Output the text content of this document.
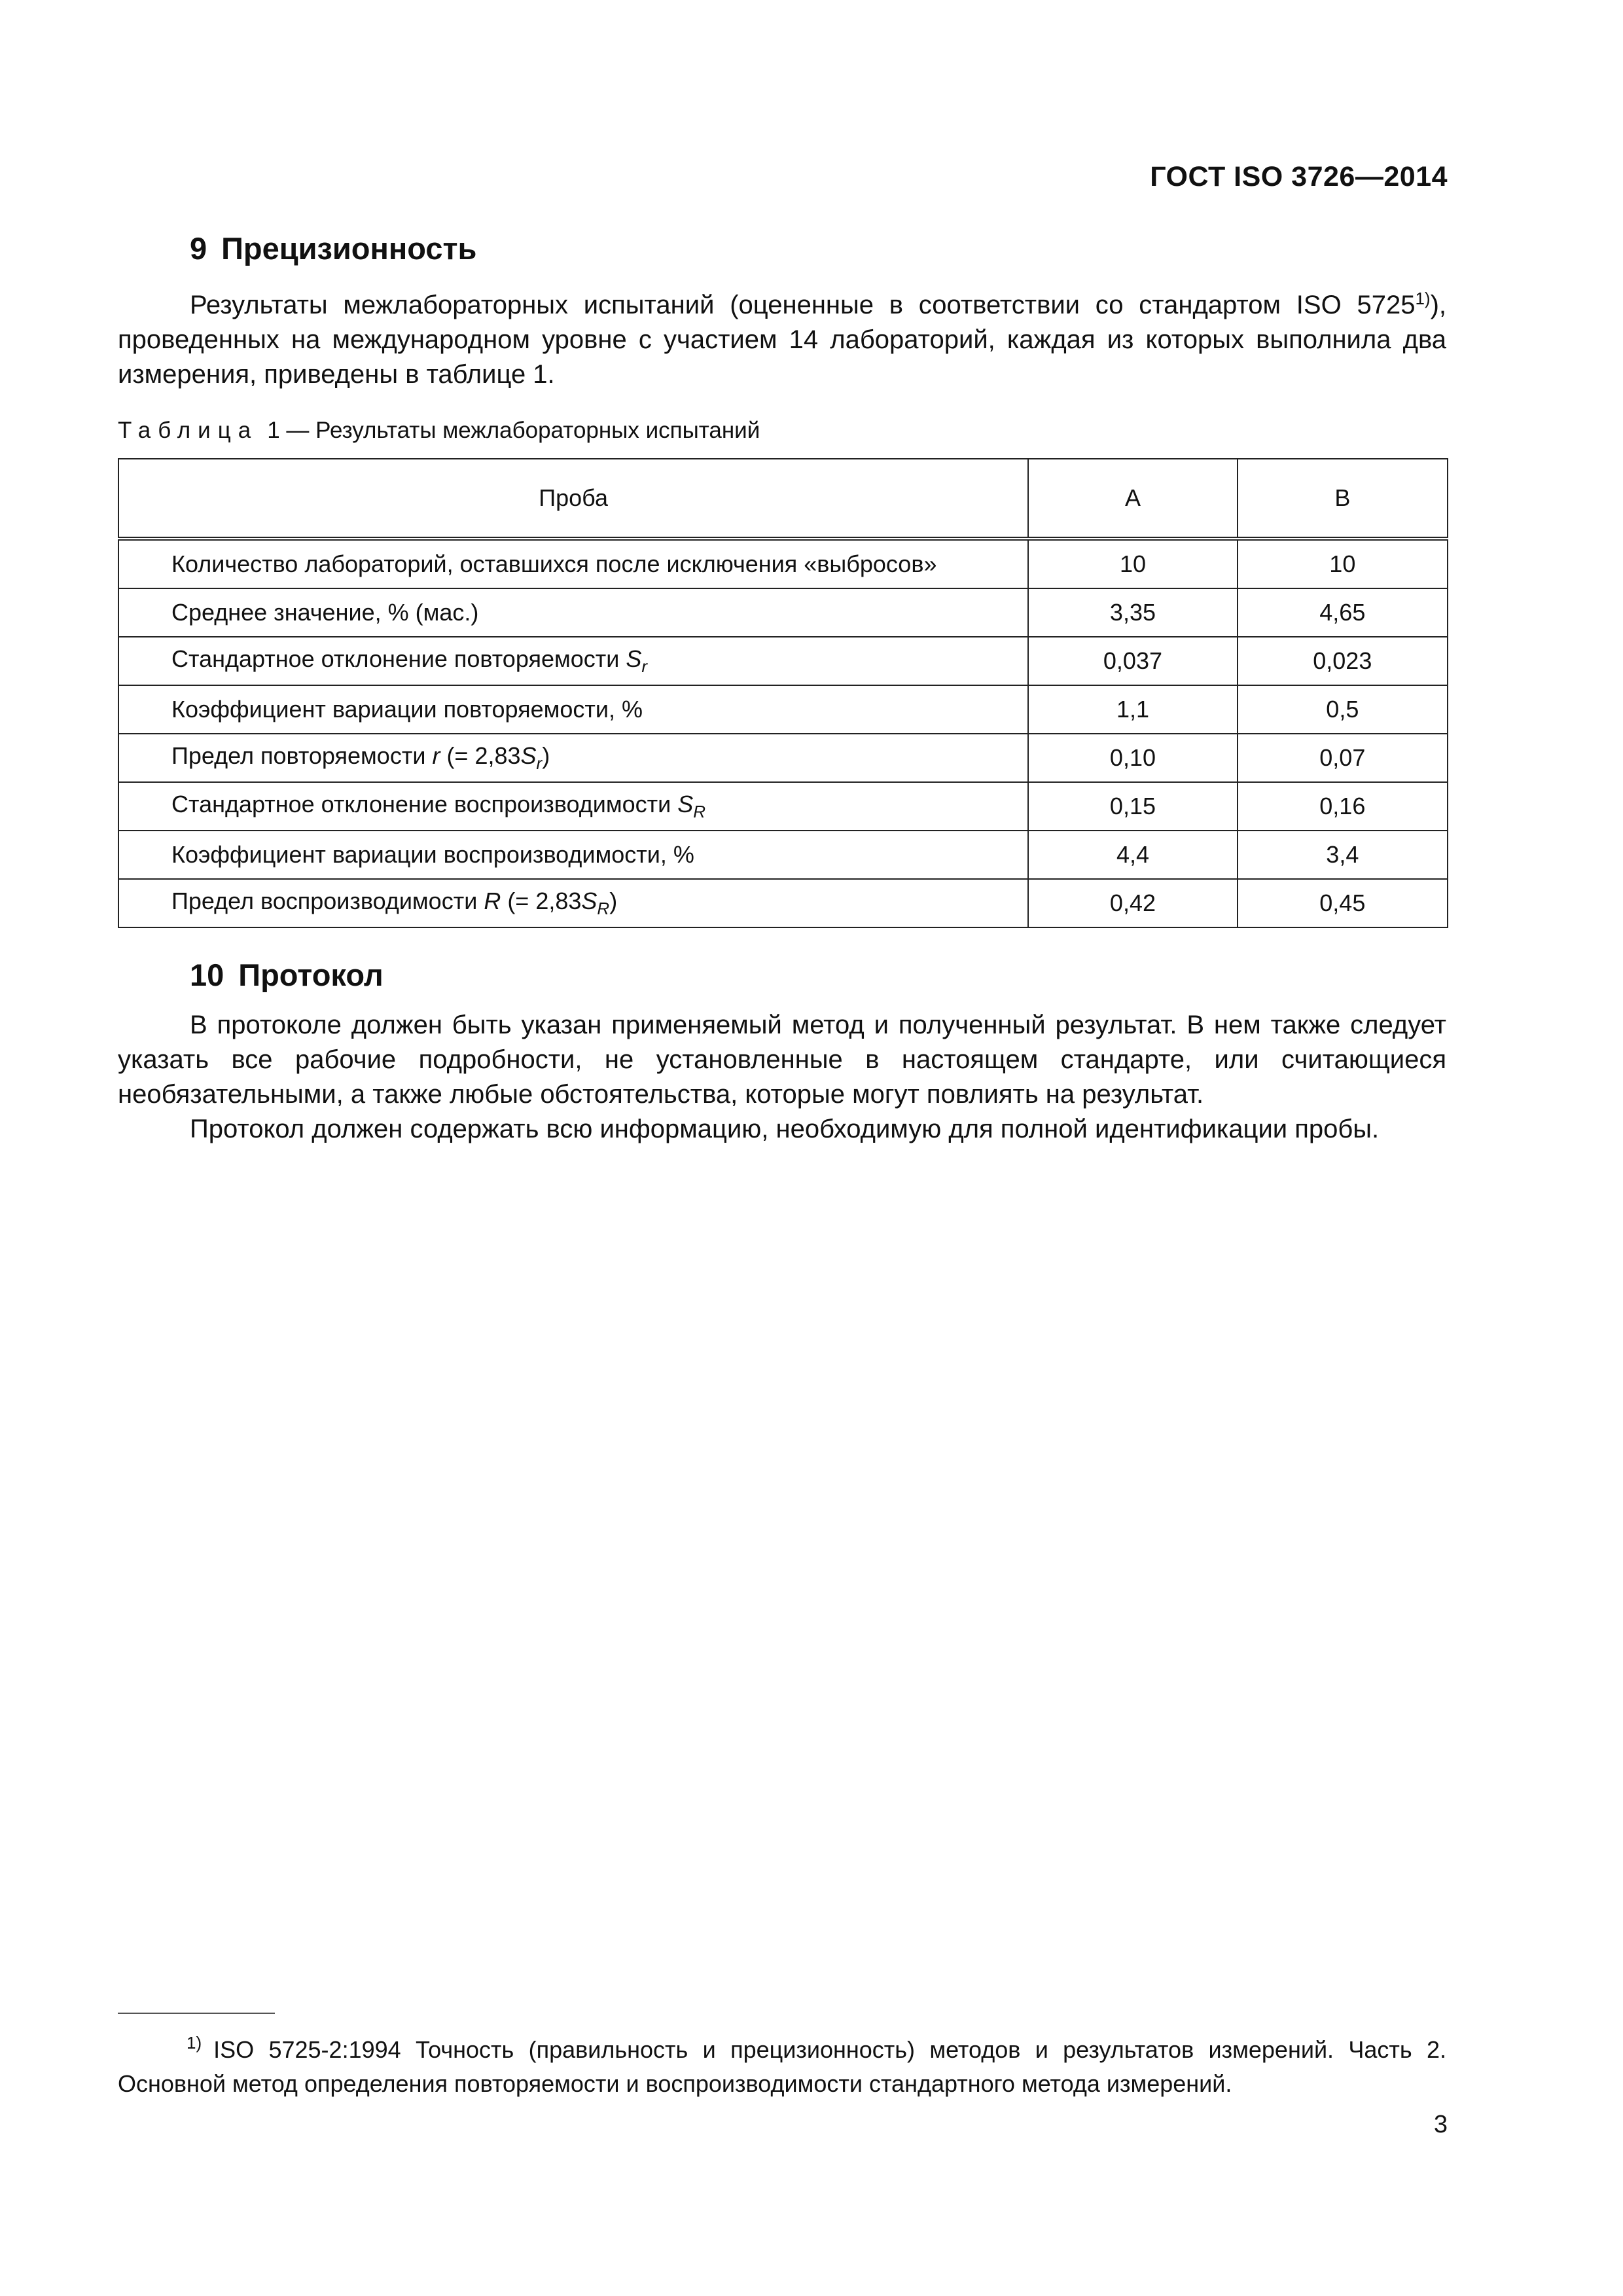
ГОСТ ISO 3726—2014
9 Прецизионность

Результаты межлабораторных испытаний (оцененные в соответствии со стандартом ISO 5725$^{1)}$), проведенных на международном уровне с участием 14 лабораторий, каждая из которых выполнила два измерения, приведены в таблице 1.

Таблица 1 — Результаты межлабораторных испытаний
Проба	A	B
Количество лабораторий, оставшихся после исключения «выбросов»	10	10
Среднее значение, % (мас.)	3,35	4,65
Стандартное отклонение повторяемости $S_r$	0,037	0,023
Коэффициент вариации повторяемости, %	1,1	0,5
Предел повторяемости r (= $2,83S_r$)	0,10	0,07
Стандартное отклонение воспроизводимости $S_R$	0,15	0,16
Коэффициент вариации воспроизводимости, %	4,4	3,4
Предел воспроизводимости R (= $2,83S_R$)	0,42	0,45
10 Протокол

В протоколе должен быть указан применяемый метод и полученный результат. В нем также следует указать все рабочие подробности, не установленные в настоящем стандарте, или считающиеся необязательными, а также любые обстоятельства, которые могут повлиять на результат.

Протокол должен содержать всю информацию, необходимую для полной идентификации пробы.

$^{1)}$ ISO 5725-2:1994 Точность (правильность и прецизионность) методов и результатов измерений. Часть 2. Основной метод определения повторяемости и воспроизводимости стандартного метода измерений.

3
